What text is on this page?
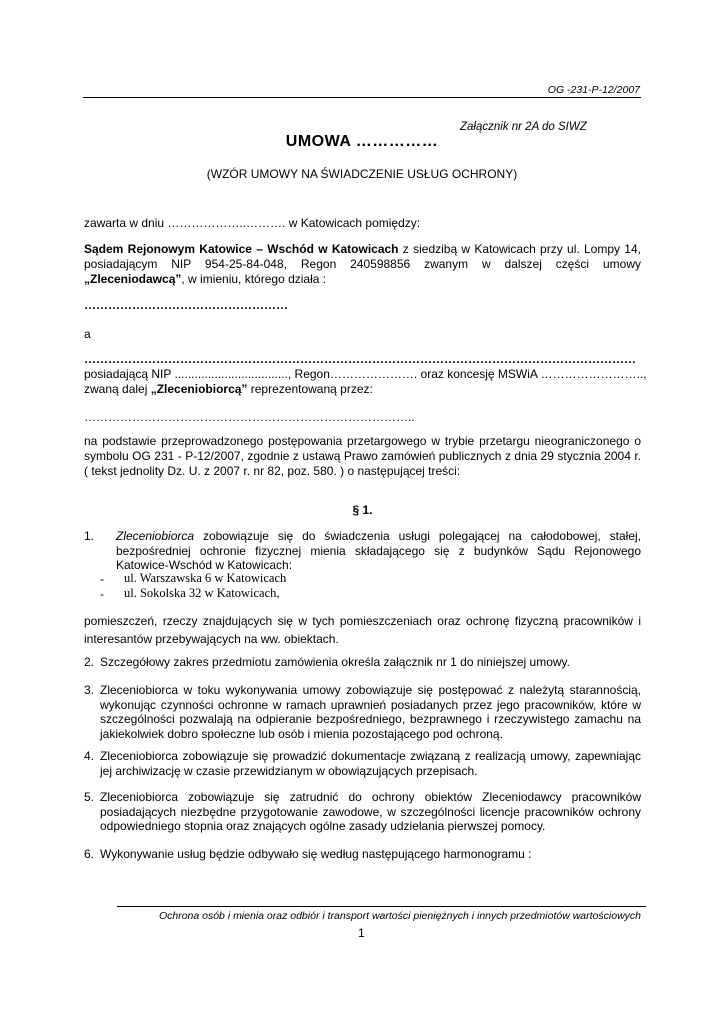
OG -231-P-12/2007
Załącznik nr 2A do SIWZ
UMOWA ……………
(WZÓR UMOWY NA ŚWIADCZENIE USŁUG OCHRONY)
zawarta w dniu ………………..………. w Katowicach pomiędzy:
Sądem Rejonowym Katowice – Wschód w Katowicach z siedzibą w Katowicach przy ul. Lompy 14, posiadającym NIP 954-25-84-048, Regon 240598856 zwanym w dalszej części umowy „Zleceniodawcą”, w imieniu, którego działa :
……………………………………………
a
…………………………………………………………………………………………………………………………
posiadającą NIP .................................., Regon…………………. oraz koncesję MSWiA ……………………..,
zwaną dalej „Zleceniobiorcą” reprezentowaną przez:
………………………………………………………………………..
na podstawie przeprowadzonego postępowania przetargowego w trybie przetargu nieograniczonego o symbolu OG 231 - P-12/2007, zgodnie z ustawą Prawo zamówień publicznych z dnia 29 stycznia 2004 r. ( tekst jednolity Dz. U. z 2007 r. nr 82, poz. 580. ) o następującej treści:
§ 1.
1. Zleceniobiorca zobowiązuje się do świadczenia usługi polegającej na całodobowej, stałej, bezpośredniej ochronie fizycznej mienia składającego się z budynków Sądu Rejonowego Katowice-Wschód w Katowicach:
- ul. Warszawska 6 w Katowicach
- ul. Sokolska 32 w Katowicach,
pomieszczeń, rzeczy znajdujących się w tych pomieszczeniach oraz ochronę fizyczną pracowników i interesantów przebywających na ww. obiektach.
2. Szczegółowy zakres przedmiotu zamówienia określa załącznik nr 1 do niniejszej umowy.
3. Zleceniobiorca w toku wykonywania umowy zobowiązuje się postępować z należytą starannością, wykonując czynności ochronne w ramach uprawnień posiadanych przez jego pracowników, które w szczególności pozwalają na odpieranie bezpośredniego, bezprawnego i rzeczywistego zamachu na jakiekolwiek dobro społeczne lub osób i mienia pozostającego pod ochroną.
4. Zleceniobiorca zobowiązuje się prowadzić dokumentacje związaną z realizacją umowy, zapewniając jej archiwizację w czasie przewidzianym w obowiązujących przepisach.
5. Zleceniobiorca zobowiązuje się zatrudnić do ochrony obiektów Zleceniodawcy pracowników posiadających niezbędne przygotowanie zawodowe, w szczególności licencje pracowników ochrony odpowiedniego stopnia oraz znających ogólne zasady udzielania pierwszej pomocy.
6. Wykonywanie usług będzie odbywało się według następującego harmonogramu :
Ochrona osób i mienia oraz odbiór i transport wartości pieniężnych i innych przedmiotów wartościowych
1
